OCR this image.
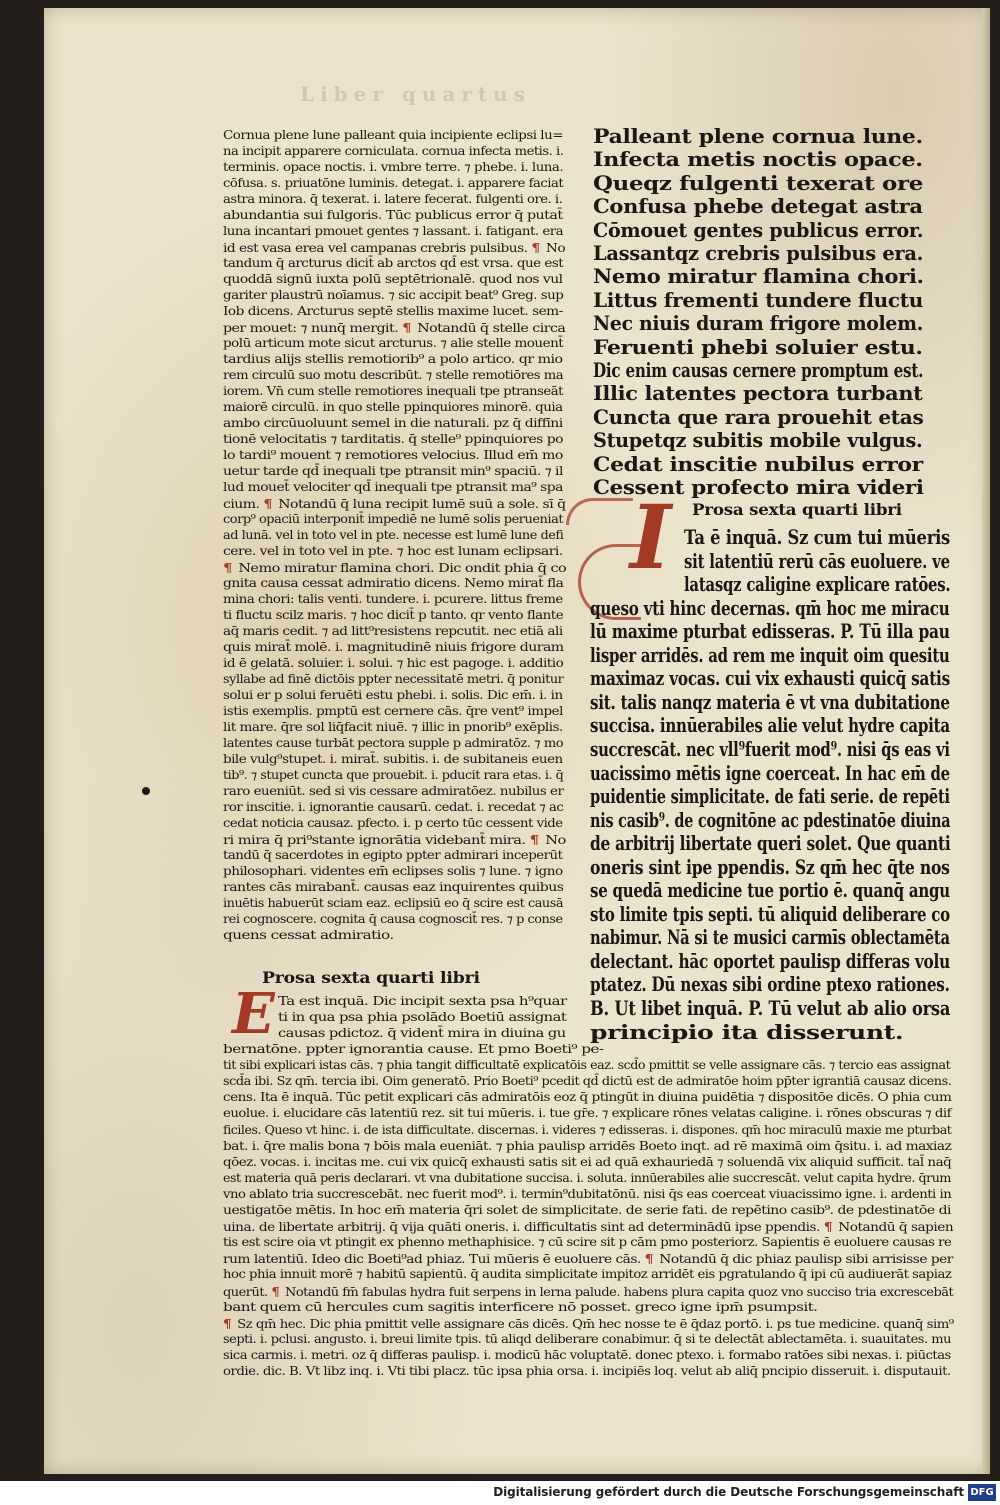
Liber quartus
Cornua plene lune palleant quia incipiente eclipsi lu=
na incipit apparere corniculata. cornua infecta metis. i.
terminis. opace noctis. i. vmbre terre. ⁊ phebe. i. luna.
cōfusa. s. priuatōne luminis. detegat. i. apparere faciat
astra minora. q̄ texerat. i. latere fecerat. fulgenti ore. i.
abundantia sui fulgoris. Tūc publicus error q̄ putat̄
luna incantari pmouet gentes ⁊ lassant. i. fatigant. era
id est vasa erea vel campanas crebris pulsibus. ¶ No
tandum q̄ arcturus dicit̄ ab arctos qd̄ est vrsa. que est
quoddā signū iuxta polū septētrionalē. quod nos vul
gariter plaustrū noīamus. ⁊ sic accipit beat⁹ Greg. sup
Iob dicens. Arcturus septē stellis maxime lucet. sem-
per mouet: ⁊ nunq̄ mergit. ¶ Notandū q̄ stelle circa
polū articum mote sicut arcturus. ⁊ alie stelle mouent̄
tardius alijs stellis remotiorib⁹ a polo artico. qr mio
rem circulū suo motu describūt. ⁊ stelle remotiōres ma
iorem. Vn̄ cum stelle remotiores inequali tpe ptranseāt
maiorē circulū. in quo stelle ppinquiores minorē. quia
ambo circūuoluunt semel in die naturali. pz q̄ diffīni
tionē velocitatis ⁊ tarditatis. q̄ stelle⁹ ppinquiores po
lo tardi⁹ mouent ⁊ remotiores velocius. Illud em̄ mo
uetur tarde qd̄ inequali tpe ptransit min⁹ spaciū. ⁊ il
lud mouet̄ velociter qd̄ inequali tpe ptransit ma⁹ spa
cium. ¶ Notandū q̄ luna recipit lumē suū a sole. sī q̄
corp⁹ opaciū interponit̄ impediē ne lumē solis perueniat
ad lunā. vel in toto vel in pte. necesse est lumē lune defi
cere. vel in toto vel in pte. ⁊ hoc est lunam eclipsari.
¶ Nemo miratur flamina chori. Dic ondit phia q̄ co
gnita causa cessat admiratio dicens. Nemo mirat̄ fla
mina chori: talis venti. tundere. i. pcurere. littus freme
ti fluctu scilz maris. ⁊ hoc dicit̄ p tanto. qr vento flante
aq̄ maris cedit. ⁊ ad litt⁹resistens repcutit. nec etiā ali
quis mirat̄ molē. i. magnitudinē niuis frigore duram
id ē gelatā. solui̇er. i. solui. ⁊ hic est pagoge. i. additio
syllabe ad finē dictōis ppter necessitatē metri. q̄ ponitur
solui er p solui feruēti estu phebi. i. solis. Dic em̄. i. in
istis exemplis. pmptū est cernere cās. q̄re vent⁹ impel
lit mare. q̄re sol liq̄facit niuē. ⁊ illic in pnorib⁹ exēplis.
latentes cause turbāt pectora supple p admiratōz. ⁊ mo
bile vulg⁹stupet. i. mirat̄. subitis. i. de subitaneis euen
tib⁹. ⁊ stupet cuncta que prouebit. i. pducit rara etas. i. q̄
raro eueniūt. sed si vis cessare admiratōez. nubilus er
ror inscitie. i. ignorantie causarū. cedat. i. recedat ⁊ ac
cedat noticia causaz. pfecto. i. p certo tūc cessent vide
ri mira q̄ pri⁹stante ignorātia videbant̄ mira. ¶ No
tandū q̄ sacerdotes in egipto ppter admirari inceperūt
philosophari. videntes em̄ eclipses solis ⁊ lune. ⁊ igno
rantes cās mirabant̄. causas eaz inquirentes quibus
inuētis habuerūt sciam eaz. eclipsiū eo q̄ scire est causā
rei cognoscere. cognita q̄ causa cognoscit̄ res. ⁊ p conse
quens cessat admiratio.
Palleant plene cornua lune.
Infecta metis noctis opace.
Queqz fulgenti texerat ore
Confusa phebe detegat astra
Cōmouet gentes publicus error.
Lassantqz crebris pulsibus era.
Nemo miratur flamina chori.
Littus frementi tundere fluctu
Nec niuis duram frigore molem.
Feruenti phebi soluier estu.
Dic enim causas cernere promptum est.
Illic latentes pectora turbant
Cuncta que rara prouehit etas
Stupetqz subitis mobile vulgus.
Cedat inscitie nubilus error
Cessent profecto mira videri
I	Prosa sexta quarti libri
Ta ē inquā. Sz cum tui mūeris
sit latentiū rerū cās euoluere. ve
latasqz caligine explicare ratōes.
queso vti hinc decernas. qm̄ hoc me miracu
lū maxime pturbat edisseras. P. Tū illa pau
lisper arridēs. ad rem me inquit oim quesitu
maximaz vocas. cui vix exhausti quicq̄ satis
sit. talis nanqz materia ē vt vna dubitatione
succisa. innūerabiles alie velut hydre capita
succrescāt. nec vll⁹fuerit mod⁹. nisi q̄s eas vi
uacissimo mētis igne coerceat. In hac em̄ de
puidentie simplicitate. de fati serie. de repēti
nis casib⁹. de cognitōne ac pdestinatōe diuina
de arbitrij libertate queri solet. Que quanti
oneris sint ipe ppendis. Sz qm̄ hec q̄te nos
se quedā medicine tue portio ē. quanq̄ angu
sto limite tpis septi. tū aliquid deliberare co
nabimur. Nā si te musici carmīs oblectamēta
delectant. hāc oportet paulisp differas volu
ptatez. Dū nexas sibi ordine ptexo rationes.
B. Ut libet inquā. P. Tū velut ab alio orsa
principio ita disserunt.
Prosa sexta quarti libri
E Ta est inquā. Dic incipit sexta psa h⁹quar
ti in qua psa phia psolādo Boetiū assignat
causas pdictoz. q̄ vident̄ mira in diuina gu
bernatōne. ppter ignorantia cause. Et pmo Boeti⁹ pe-
tit sibi explicari istas cās. ⁊ phia tangit difficultatē explicatōis eaz. scd̄o pmittit se velle assignare cās. ⁊ tercio eas assignat
scd̄a ibi. Sz qm̄. tercia ibi. Oim generatō. Pri̇o Boeti⁹ pcedit qd̄ dictū est de admiratōe hoim pp̄ter igrantiā causaz dicens.
cens. Ita ē inquā. Tūc petit explicari cās admiratōis eoz q̄ ptingūt in diuina puidētia ⁊ dispositōe dicēs. O phia cum
euolue. i. elucidare cās latentiū rez. sit tui mūeris. i. tue gr̄e. ⁊ explicare rōnes velatas caligine. i. rōnes obscuras ⁊ dif
ficiles. Queso vt hinc. i. de ista difficultate. discernas. i. videres ⁊ edisseras. i. dispones. qm̄ hoc miraculū maxie me pturbat
bat. i. q̄re malis bona ⁊ bōis mala eueniāt. ⁊ phia paulisp arridēs Boeto inqt. ad rē maximā oim q̄situ. i. ad maxiaz
qōez. vocas. i. incitas me. cui vix quicq̄ exhausti satis sit ei ad quā exhauriedā ⁊ soluendā vix aliquid sufficit. tal̄ naq̄
est materia quā peris declarari. vt vna dubitatione succisa. i. soluta. innūerabiles alie succrescāt. velut capita hydre. q̄rum
vno ablato tria succrescebāt. nec fuerit mod⁹. i. termin⁹dubitatōnū. nisi q̄s eas coerceat viuacissimo igne. i. ardenti in
uestigatōe mētis. In hoc em̄ materia q̄ri solet de simplicitate. de serie fati. de repētino casib⁹. de pdestinatōe di
uina. de libertate arbitrij. q̄ vija quāti oneris. i. difficultatis sint ad determinādū ipse ppendis. ¶ Notandū q̄ sapien
tis est scire oia vt ptingit ex phenno methaphisice. ⁊ cū scire sit p cām pmo posteriorz. Sapientis ē euoluere causas re
rum latentiū. Ideo dic Boeti⁹ad phiaz. Tui mūeris ē euoluere cās. ¶ Notandū q̄ dic phiaz paulisp sibi arrisisse per
hoc phia innuit morē ⁊ habitū sapientū. q̄ audita simplicitate impitoz arridēt eis pgratulando q̄ ipi cū audiuerāt sapiaz
querūt. ¶ Notandū fm̄ fabulas hydra fuit serpens in lerna palude. habens plura capita quoz vno succiso tria excrescebāt
bant quem cū hercules cum sagiti̇s interficere nō posset. greco igne ipm̄ psumpsit.
¶ Sz qm̄ hec. Dic phia pmittit velle assignare cās dicēs. Qm̄ hec nosse te ē q̄daz portō. i. ps tue medicine. quanq̄ sim⁹
septi. i. pclusi. angusto. i. breui limite tpis. tū aliqd deliberare conabimur. q̄ si te delectāt ablectamēta. i. suauitates. mu
sica carmis. i. metri. oz q̄ differas paulisp. i. modicū hāc voluptatē. donec ptexo. i. formabo ratōes sibi nexas. i. piūctas
ordie. dic. B. Vt libz inq. i. Vti tibi placz. tūc ipsa phia orsa. i. incipiēs loq. velut ab aliq̄ pncipio disseruit. i. disputauit.
Digitalisierung gefördert durch die Deutsche Forschungsgemeinschaft DFG
